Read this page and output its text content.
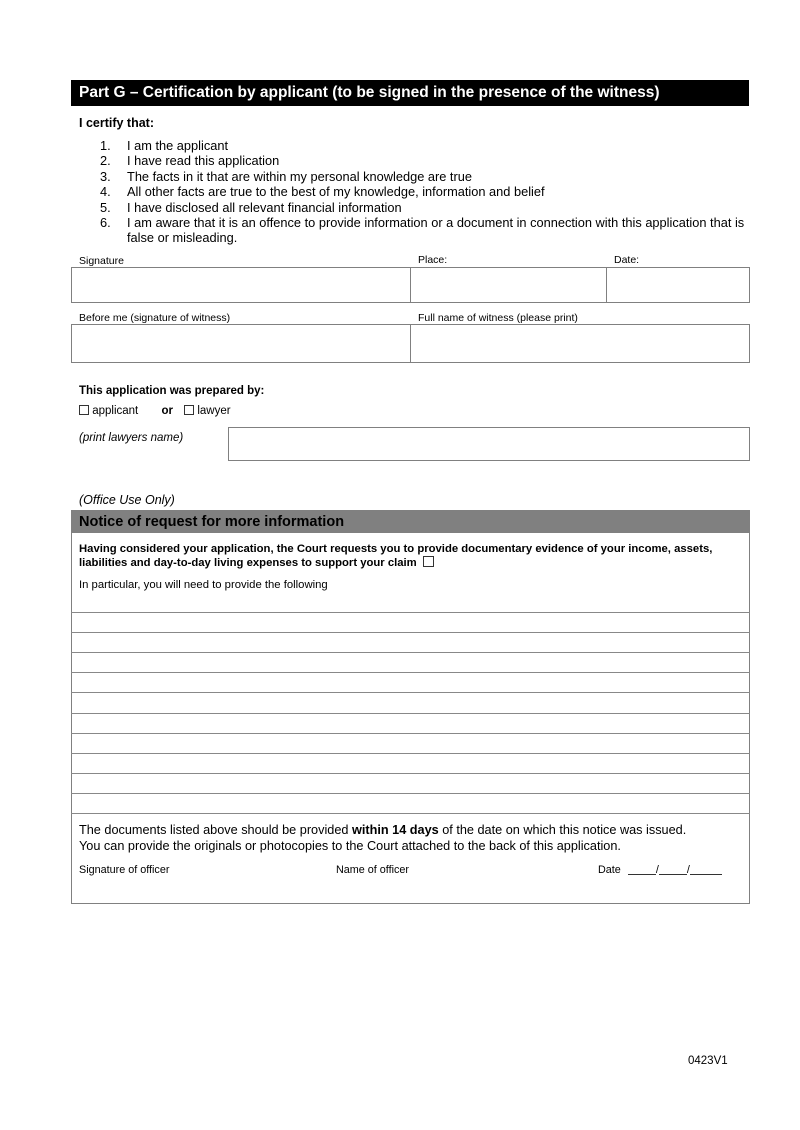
Part G – Certification by applicant (to be signed in the presence of the witness)
I certify that:
1.	I am the applicant
2.	I have read this application
3.	The facts in it that are within my personal knowledge are true
4.	All other facts are true to the best of my knowledge, information and belief
5.	I have disclosed all relevant financial information
6.	I am aware that it is an offence to provide information or a document in connection with this application that is false or misleading.
Signature	Place:	Date:
Before me (signature of witness)	Full name of witness (please print)
This application was prepared by:
applicant or lawyer
(print lawyers name)
(Office Use Only)
Notice of request for more information
Having considered your application, the Court requests you to provide documentary evidence of your income, assets, liabilities and day-to-day living expenses to support your claim
In particular, you will need to provide the following
The documents listed above should be provided within 14 days of the date on which this notice was issued.
You can provide the originals or photocopies to the Court attached to the back of this application.
Signature of officer	Name of officer	Date	/	/
0423V1
